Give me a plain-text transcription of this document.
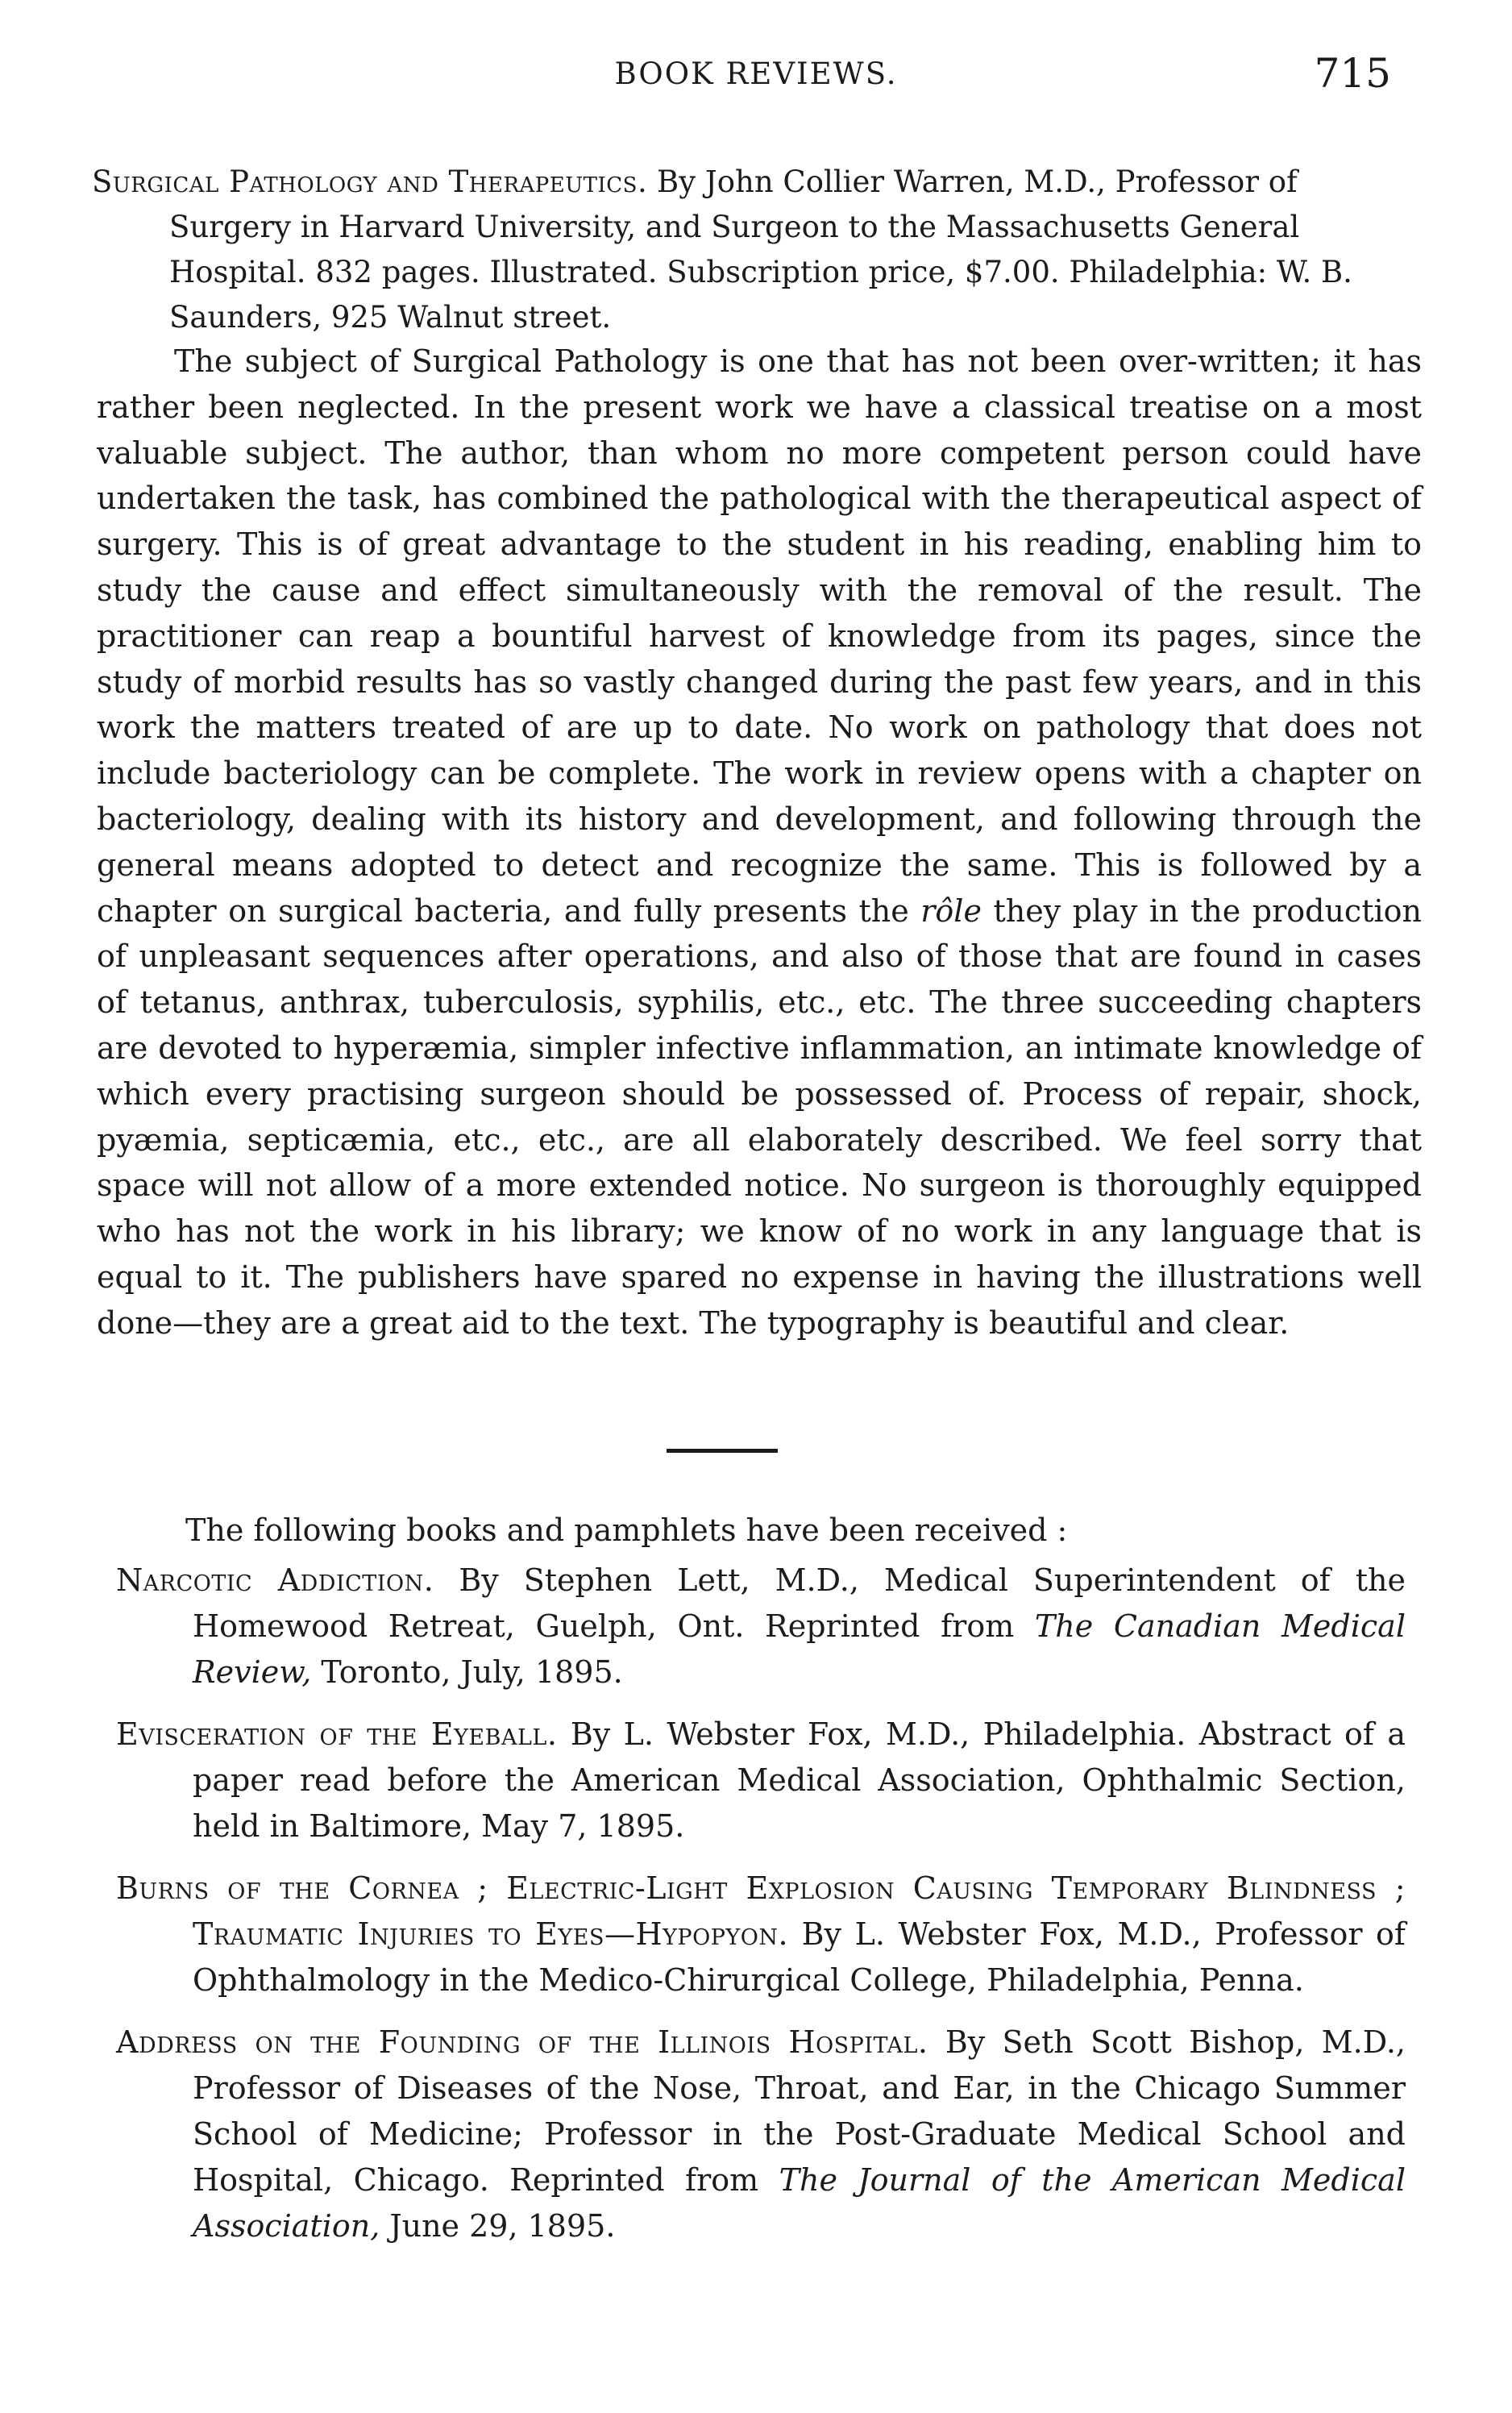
BOOK REVIEWS.	715

Surgical Pathology and Therapeutics. By John Collier Warren, M.D., Professor of Surgery in Harvard University, and Surgeon to the Massachusetts General Hospital. 832 pages. Illustrated. Subscription price, $7.00. Philadelphia: W. B. Saunders, 925 Walnut street.

The subject of Surgical Pathology is one that has not been over-written; it has rather been neglected. In the present work we have a classical treatise on a most valuable subject. The author, than whom no more competent person could have undertaken the task, has combined the pathological with the therapeutical aspect of surgery. This is of great advantage to the student in his reading, enabling him to study the cause and effect simultaneously with the removal of the result. The practitioner can reap a bountiful harvest of knowledge from its pages, since the study of morbid results has so vastly changed during the past few years, and in this work the matters treated of are up to date. No work on pathology that does not include bacteriology can be complete. The work in review opens with a chapter on bacteriology, dealing with its history and development, and following through the general means adopted to detect and recognize the same. This is followed by a chapter on surgical bacteria, and fully presents the rôle they play in the production of unpleasant sequences after operations, and also of those that are found in cases of tetanus, anthrax, tuberculosis, syphilis, etc., etc. The three succeeding chapters are devoted to hyperæmia, simpler infective inflammation, an intimate knowledge of which every practising surgeon should be possessed of. Process of repair, shock, pyæmia, septicæmia, etc., etc., are all elaborately described. We feel sorry that space will not allow of a more extended notice. No surgeon is thoroughly equipped who has not the work in his library; we know of no work in any language that is equal to it. The publishers have spared no expense in having the illustrations well done—they are a great aid to the text. The typography is beautiful and clear.

The following books and pamphlets have been received :

Narcotic Addiction. By Stephen Lett, M.D., Medical Superintendent of the Homewood Retreat, Guelph, Ont. Reprinted from The Canadian Medical Review, Toronto, July, 1895.

Evisceration of the Eyeball. By L. Webster Fox, M.D., Philadelphia. Abstract of a paper read before the American Medical Association, Ophthalmic Section, held in Baltimore, May 7, 1895.

Burns of the Cornea ; Electric-Light Explosion Causing Temporary Blindness ; Traumatic Injuries to Eyes—Hypopyon. By L. Webster Fox, M.D., Professor of Ophthalmology in the Medico-Chirurgical College, Philadelphia, Penna.

Address on the Founding of the Illinois Hospital. By Seth Scott Bishop, M.D., Professor of Diseases of the Nose, Throat, and Ear, in the Chicago Summer School of Medicine; Professor in the Post-Graduate Medical School and Hospital, Chicago. Reprinted from The Journal of the American Medical Association, June 29, 1895.
